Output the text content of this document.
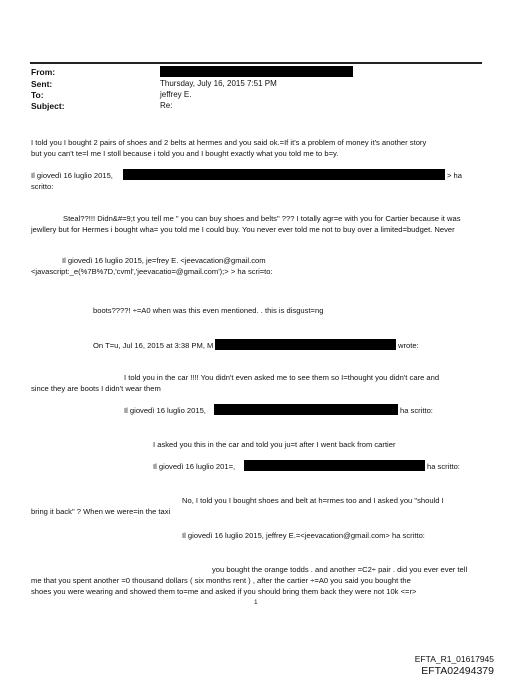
From:
Sent:	Thursday, July 16, 2015 7:51 PM
To:	jeffrey E.
Subject:	Re:
I told you I bought 2 pairs of shoes and 2 belts at hermes and you said ok.=If it's a problem of money it's another story
but you can't te=l me I stoll because i told you and I bought exactly what you told me to b=y.
Il giovedì 16 luglio 2015,	> ha
scritto:
Steal??!!! Didn&#=9;t you tell me " you can buy shoes and belts" ??? I totally agr=e with you for Cartier because it was jewllery but for Hermes i bought wha= you told me I could buy. You never ever told me not to buy over a limited=budget. Never
Il giovedì 16 luglio 2015, je=frey E. <jeevacation@gmail.com
<javascript:_e(%7B%7D,'cvml','jeevacatio=@gmail.com');> > ha scri=to:
boots????! ÷=A0 when was this even mentioned. . this is disgust=ng
On T=u, Jul 16, 2015 at 3:38 PM, M	wrote:
I told you in the car !!!! You didn't even asked me to see them so I=thought you didn't care and
since they are boots I didn't wear them
Il giovedì 16 luglio 2015,	ha scritto:
I asked you this in the car and told you ju=t after I went back from cartier
Il giovedì 16 luglio 201=,	ha scritto:
No, I told you I bought shoes and belt at h=rmes too and I asked you "should I
bring it back" ? When we were=in the taxi
Il giovedì 16 luglio 2015, jeffrey E.=<jeevacation@gmail.com> ha scritto:
you bought the orange todds . and another =C2÷ pair . did you ever ever tell
me that you spent another =0 thousand dollars ( six months rent ) , after the cartier ÷=A0 you said you bought the
shoes you were wearing and showed them to=me and asked if you should bring them back they were not 10k <=r>
1
EFTA_R1_01617945
EFTA02494379
